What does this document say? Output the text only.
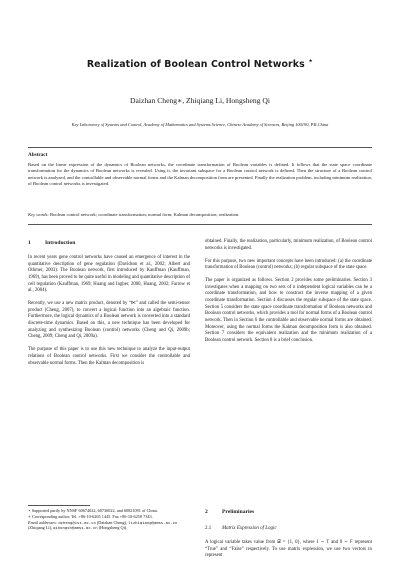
Realization of Boolean Control Networks ⋆
Daizhan Cheng∗, Zhiqiang Li, Hongsheng Qi
Key Laboratory of Systems and Control, Academy of Mathematics and Systems Science, Chinese Academy of Sciences, Beijing 100190, P.R.China
Abstract
Based on the linear expression of the dynamics of Boolean networks, the coordinate transformation of Boolean variables is defined. It follows that the state space coordinate transformation for the dynamics of Boolean networks is revealed. Using it, the invariant subspace for a Boolean control network is defined. Then the structure of a Boolean control network is analyzed, and the controllable and observable normal forms and the Kalman decomposition form are presented. Finally the realization problem, including minimum realization, of Boolean control networks is investigated.
Key words: Boolean control network; coordinate transformation; normal form; Kalman decomposition; realization.
1	Introduction

In recent years gene control networks have caused an emergence of interest in the quantitative description of gene regulation (Davidson et al., 2002; Albert and Othmer, 2003). The Boolean network, first introduced by Kauffman (Kauffman, 1969), has been proved to be quite useful in modeling and quantitative description of cell regulation (Kauffman, 1969; Huang and Ingber, 2000, Huang, 2002; Farrow et al., 2004).

Recently, we use a new matrix product, denoted by “⋉” and called the semi-tensor product (Cheng, 2007), to convert a logical function into an algebraic function. Furthermore, the logical dynamics of a Boolean network is converted into a standard discrete-time dynamics. Based on this, a new technique has been developed for analyzing and synthesizing Boolean (control) networks (Cheng and Qi, 2009b; Cheng, 2009; Cheng and Qi, 2009a).

The purpose of this paper is to use this new technique to analyze the input-output relations of Boolean control networks. First we consider the controllable and observable normal forms. Then the Kalman decomposition is

obtained. Finally, the realization, particularly, minimum realization, of Boolean control networks is investigated.

For this purpose, two new important concepts have been introduced: (a) the coordinate transformation of Boolean (control) networks; (b) regular subspace of the state space.

The paper is organized as follows. Section 2 provides some preliminaries. Section 3 investigates when a mapping on two sets of n independent logical variables can be a coordinate transformation, and how to construct the inverse mapping of a given coordinate transformation. Section 4 discusses the regular subspace of the state space. Section 5 considers the state space coordinate transformation of Boolean networks and Boolean control networks, which provides a tool for normal forms of a Boolean control network. Then in Section 6 the controllable and observable normal forms are obtained. Moreover, using the normal forms the Kalman decomposition form is also obtained. Section 7 considers the equivalent realization and the minimum realization of a Boolean control network. Section 8 is a brief conclusion.

2	Preliminaries
2.1 Matrix Expression of Logic

A logical variable takes value from 𝒟 = {1, 0}, where 1 ∼ T and 0 ∼ F represent “True” and “False” respectively. To use matrix expression, we use two vectors to represent

⋆ Supported partly by NNSF 60674022, 60736022, and 60821091 of China.

∗ Corresponding author. Tel. +86-10-6265 1445. Fax +86-10-6258 7343.

Email addresses: dcheng@iss.ac.cn (Daizhan Cheng), lizhiqiang@amss.ac.cn (Zhiqiang Li), qihongsh@amss.ac.cn (Hongsheng Qi).
